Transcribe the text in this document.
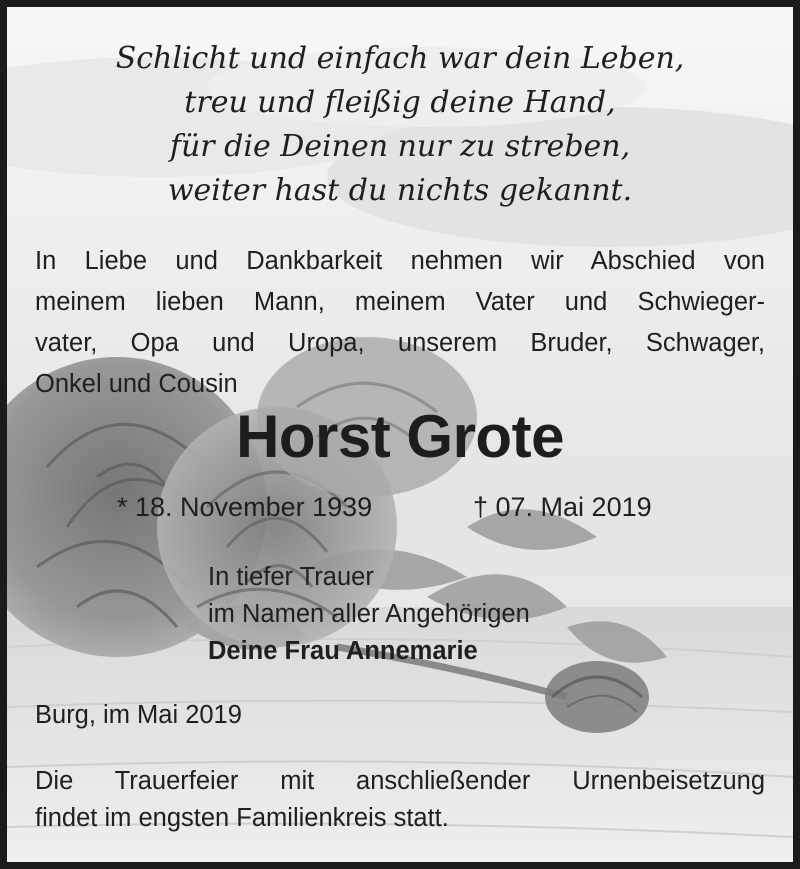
Schlicht und einfach war dein Leben,
treu und fleißig deine Hand,
für die Deinen nur zu streben,
weiter hast du nichts gekannt.
In Liebe und Dankbarkeit nehmen wir Abschied von
meinem lieben Mann, meinem Vater und Schwieger-
vater, Opa und Uropa, unserem Bruder, Schwager,
Onkel und Cousin
Horst Grote
* 18. November 1939	† 07. Mai 2019
In tiefer Trauer
im Namen aller Angehörigen
Deine Frau Annemarie
Burg, im Mai 2019
Die Trauerfeier mit anschließender Urnenbeisetzung
findet im engsten Familienkreis statt.
